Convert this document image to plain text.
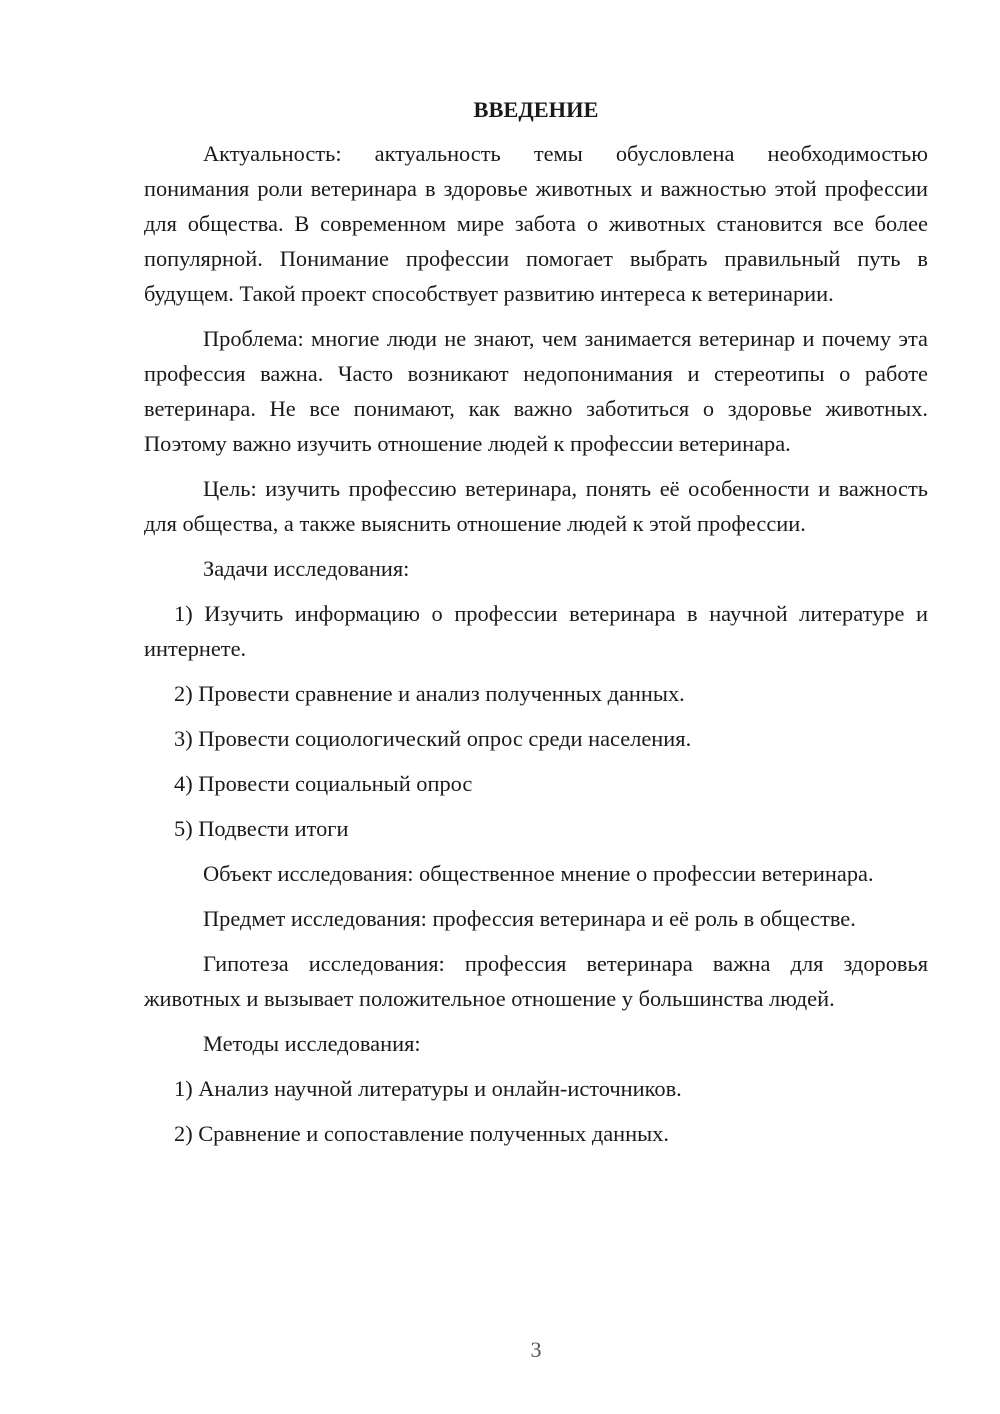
ВВЕДЕНИЕ
Актуальность: актуальность темы обусловлена необходимостью понимания роли ветеринара в здоровье животных и важностью этой профессии для общества. В современном мире забота о животных становится все более популярной. Понимание профессии помогает выбрать правильный путь в будущем. Такой проект способствует развитию интереса к ветеринарии.
Проблема: многие люди не знают, чем занимается ветеринар и почему эта профессия важна. Часто возникают недопонимания и стереотипы о работе ветеринара. Не все понимают, как важно заботиться о здоровье животных. Поэтому важно изучить отношение людей к профессии ветеринара.
Цель: изучить профессию ветеринара, понять её особенности и важность для общества, а также выяснить отношение людей к этой профессии.
Задачи исследования:
1) Изучить информацию о профессии ветеринара в научной литературе и интернете.
2) Провести сравнение и анализ полученных данных.
3) Провести социологический опрос среди населения.
4) Провести социальный опрос
5) Подвести итоги
Объект исследования: общественное мнение о профессии ветеринара.
Предмет исследования: профессия ветеринара и её роль в обществе.
Гипотеза исследования: профессия ветеринара важна для здоровья животных и вызывает положительное отношение у большинства людей.
Методы исследования:
1) Анализ научной литературы и онлайн-источников.
2) Сравнение и сопоставление полученных данных.
3
